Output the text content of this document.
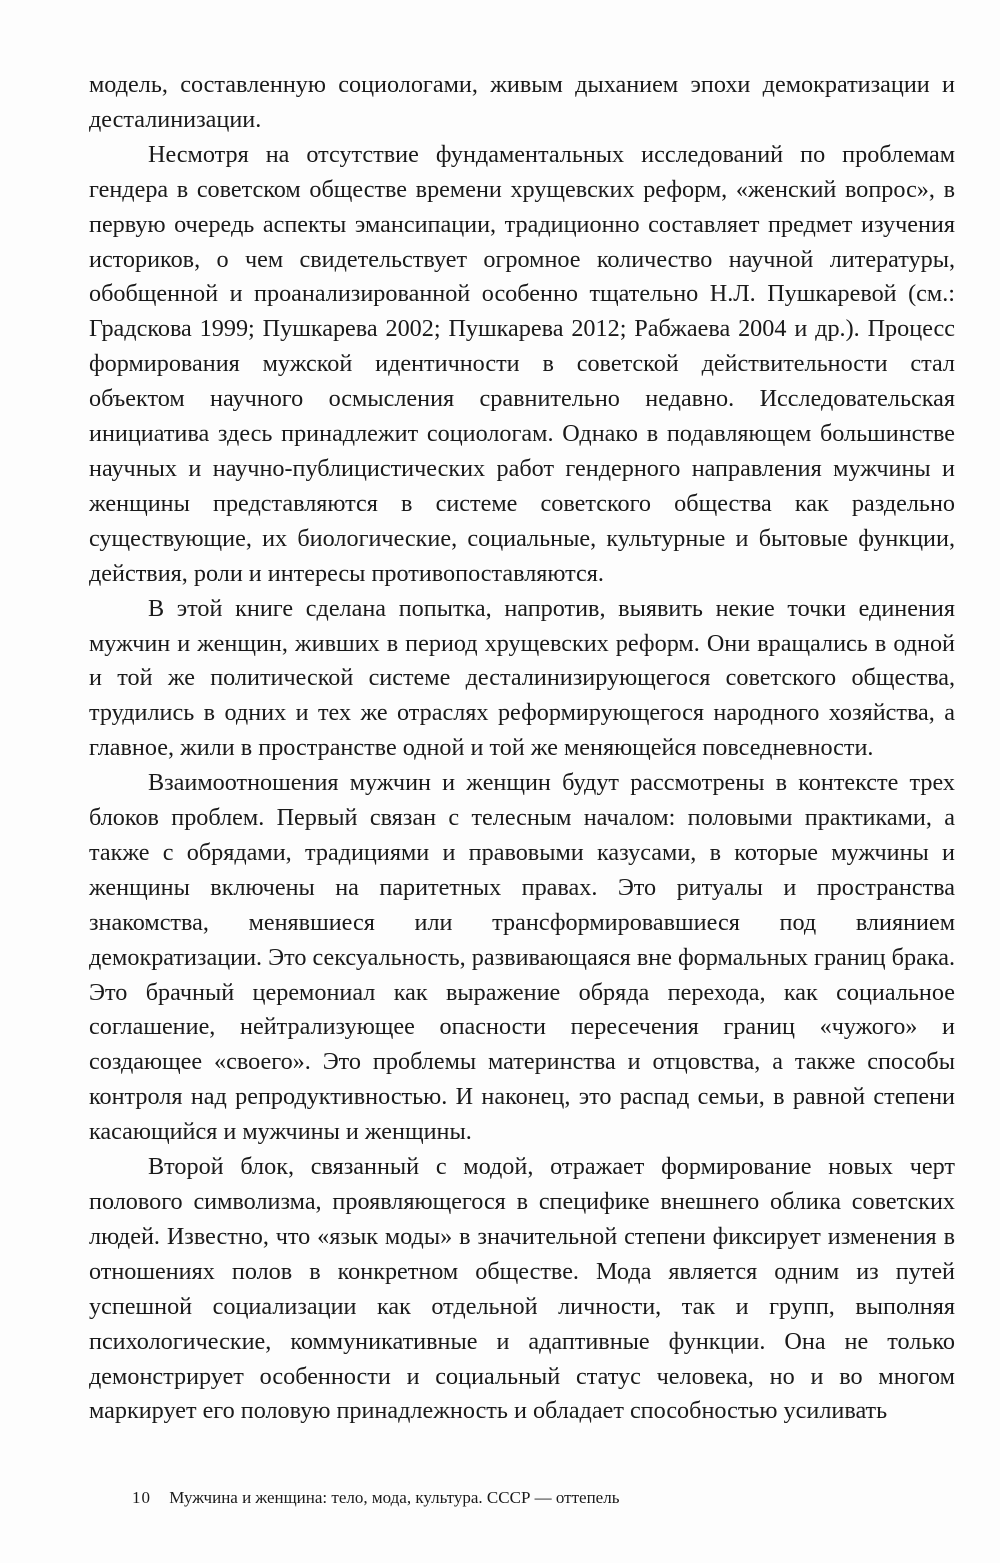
модель, составленную социологами, живым дыханием эпохи демократизации и десталинизации.

Несмотря на отсутствие фундаментальных исследований по проблемам гендера в советском обществе времени хрущевских реформ, «женский вопрос», в первую очередь аспекты эмансипации, традиционно составляет предмет изучения историков, о чем свидетельствует огромное количество научной литературы, обобщенной и проанализированной особенно тщательно Н.Л. Пушкаревой (см.: Градскова 1999; Пушкарева 2002; Пушкарева 2012; Рабжаева 2004 и др.). Процесс формирования мужской идентичности в советской действительности стал объектом научного осмысления сравнительно недавно. Исследовательская инициатива здесь принадлежит социологам. Однако в подавляющем большинстве научных и научно-публицистических работ гендерного направления мужчины и женщины представляются в системе советского общества как раздельно существующие, их биологические, социальные, культурные и бытовые функции, действия, роли и интересы противопоставляются.

В этой книге сделана попытка, напротив, выявить некие точки единения мужчин и женщин, живших в период хрущевских реформ. Они вращались в одной и той же политической системе десталинизирующегося советского общества, трудились в одних и тех же отраслях реформирующегося народного хозяйства, а главное, жили в пространстве одной и той же меняющейся повседневности.

Взаимоотношения мужчин и женщин будут рассмотрены в контексте трех блоков проблем. Первый связан с телесным началом: половыми практиками, а также с обрядами, традициями и правовыми казусами, в которые мужчины и женщины включены на паритетных правах. Это ритуалы и пространства знакомства, менявшиеся или трансформировавшиеся под влиянием демократизации. Это сексуальность, развивающаяся вне формальных границ брака. Это брачный церемониал как выражение обряда перехода, как социальное соглашение, нейтрализующее опасности пересечения границ «чужого» и создающее «своего». Это проблемы материнства и отцовства, а также способы контроля над репродуктивностью. И наконец, это распад семьи, в равной степени касающийся и мужчины и женщины.

Второй блок, связанный с модой, отражает формирование новых черт полового символизма, проявляющегося в специфике внешнего облика советских людей. Известно, что «язык моды» в значительной степени фиксирует изменения в отношениях полов в конкретном обществе. Мода является одним из путей успешной социализации как отдельной личности, так и групп, выполняя психологические, коммуникативные и адаптивные функции. Она не только демонстрирует особенности и социальный статус человека, но и во многом маркирует его половую принадлежность и обладает способностью усиливать

10 Мужчина и женщина: тело, мода, культура. СССР — оттепель
